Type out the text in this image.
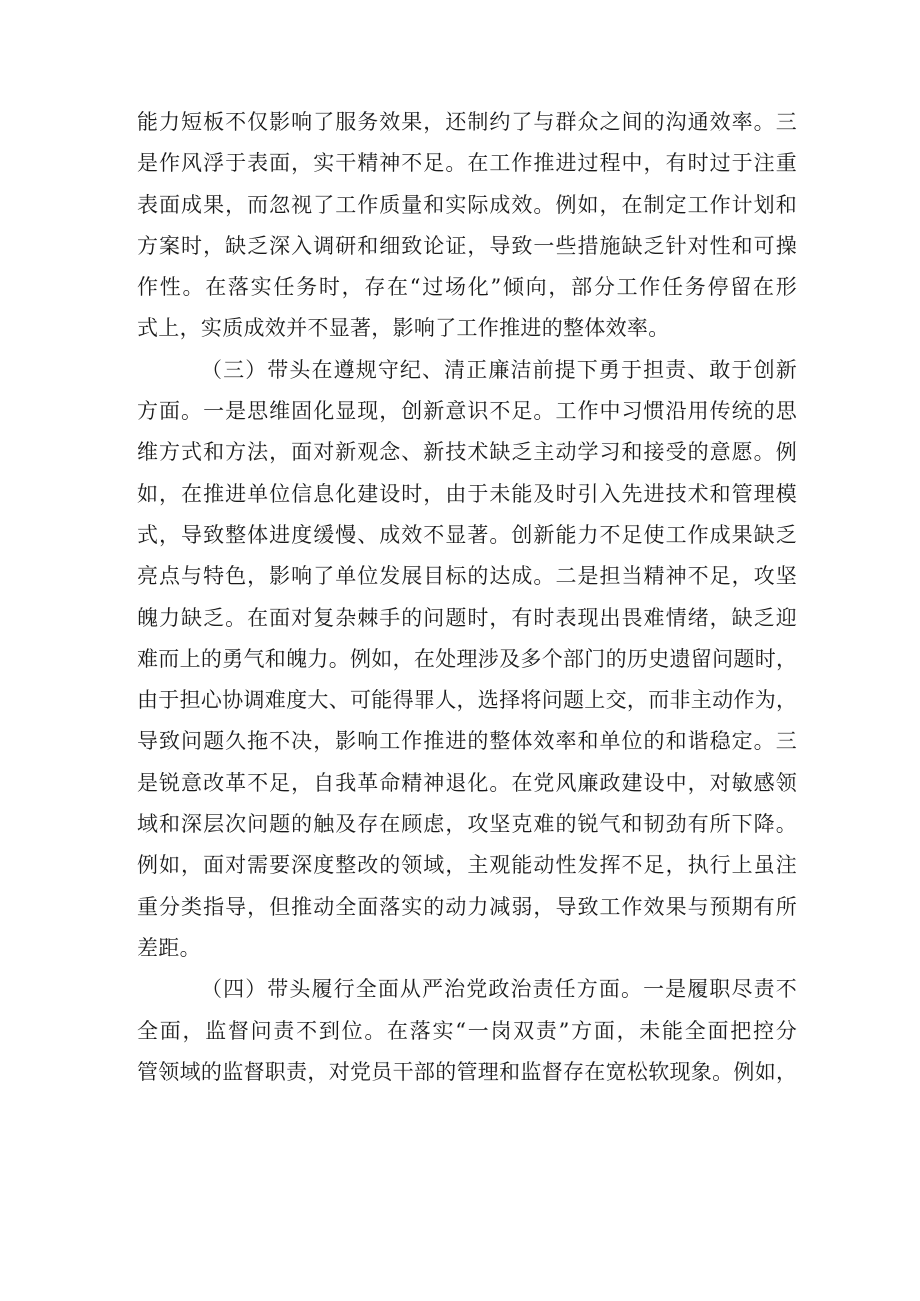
能力短板不仅影响了服务效果，还制约了与群众之间的沟通效率。三
是作风浮于表面，实干精神不足。在工作推进过程中，有时过于注重
表面成果，而忽视了工作质量和实际成效。例如，在制定工作计划和
方案时，缺乏深入调研和细致论证，导致一些措施缺乏针对性和可操
作性。在落实任务时，存在“过场化”倾向，部分工作任务停留在形
式上，实质成效并不显著，影响了工作推进的整体效率。
（三）带头在遵规守纪、清正廉洁前提下勇于担责、敢于创新
方面。一是思维固化显现，创新意识不足。工作中习惯沿用传统的思
维方式和方法，面对新观念、新技术缺乏主动学习和接受的意愿。例
如，在推进单位信息化建设时，由于未能及时引入先进技术和管理模
式，导致整体进度缓慢、成效不显著。创新能力不足使工作成果缺乏
亮点与特色，影响了单位发展目标的达成。二是担当精神不足，攻坚
魄力缺乏。在面对复杂棘手的问题时，有时表现出畏难情绪，缺乏迎
难而上的勇气和魄力。例如，在处理涉及多个部门的历史遗留问题时，
由于担心协调难度大、可能得罪人，选择将问题上交，而非主动作为，
导致问题久拖不决，影响工作推进的整体效率和单位的和谐稳定。三
是锐意改革不足，自我革命精神退化。在党风廉政建设中，对敏感领
域和深层次问题的触及存在顾虑，攻坚克难的锐气和韧劲有所下降。
例如，面对需要深度整改的领域，主观能动性发挥不足，执行上虽注
重分类指导，但推动全面落实的动力减弱，导致工作效果与预期有所
差距。
（四）带头履行全面从严治党政治责任方面。一是履职尽责不
全面，监督问责不到位。在落实“一岗双责”方面，未能全面把控分
管领域的监督职责，对党员干部的管理和监督存在宽松软现象。例如，
